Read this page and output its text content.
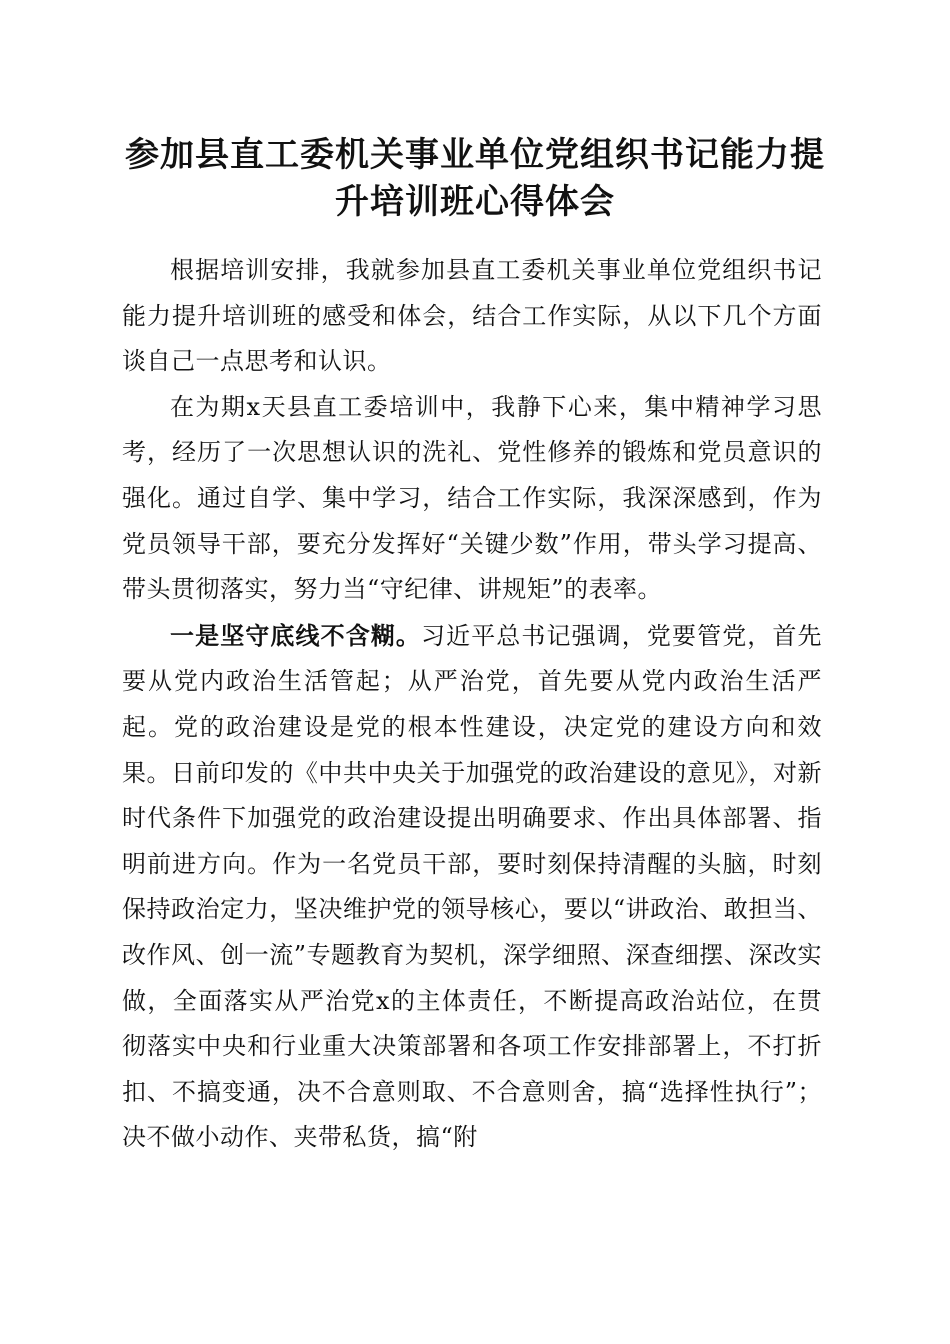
参加县直工委机关事业单位党组织书记能力提升培训班心得体会

根据培训安排，我就参加县直工委机关事业单位党组织书记能力提升培训班的感受和体会，结合工作实际，从以下几个方面谈自己一点思考和认识。

在为期x天县直工委培训中，我静下心来，集中精神学习思考，经历了一次思想认识的洗礼、党性修养的锻炼和党员意识的强化。通过自学、集中学习，结合工作实际，我深深感到，作为党员领导干部，要充分发挥好“关键少数”作用，带头学习提高、带头贯彻落实，努力当“守纪律、讲规矩”的表率。

一是坚守底线不含糊。习近平总书记强调，党要管党，首先要从党内政治生活管起；从严治党，首先要从党内政治生活严起。党的政治建设是党的根本性建设，决定党的建设方向和效果。日前印发的《中共中央关于加强党的政治建设的意见》，对新时代条件下加强党的政治建设提出明确要求、作出具体部署、指明前进方向。作为一名党员干部，要时刻保持清醒的头脑，时刻保持政治定力，坚决维护党的领导核心，要以“讲政治、敢担当、改作风、创一流”专题教育为契机，深学细照、深查细摆、深改实做，全面落实从严治党x的主体责任，不断提高政治站位，在贯彻落实中央和行业重大决策部署和各项工作安排部署上，不打折扣、不搞变通，决不合意则取、不合意则舍，搞“选择性执行”；决不做小动作、夹带私货，搞“附
